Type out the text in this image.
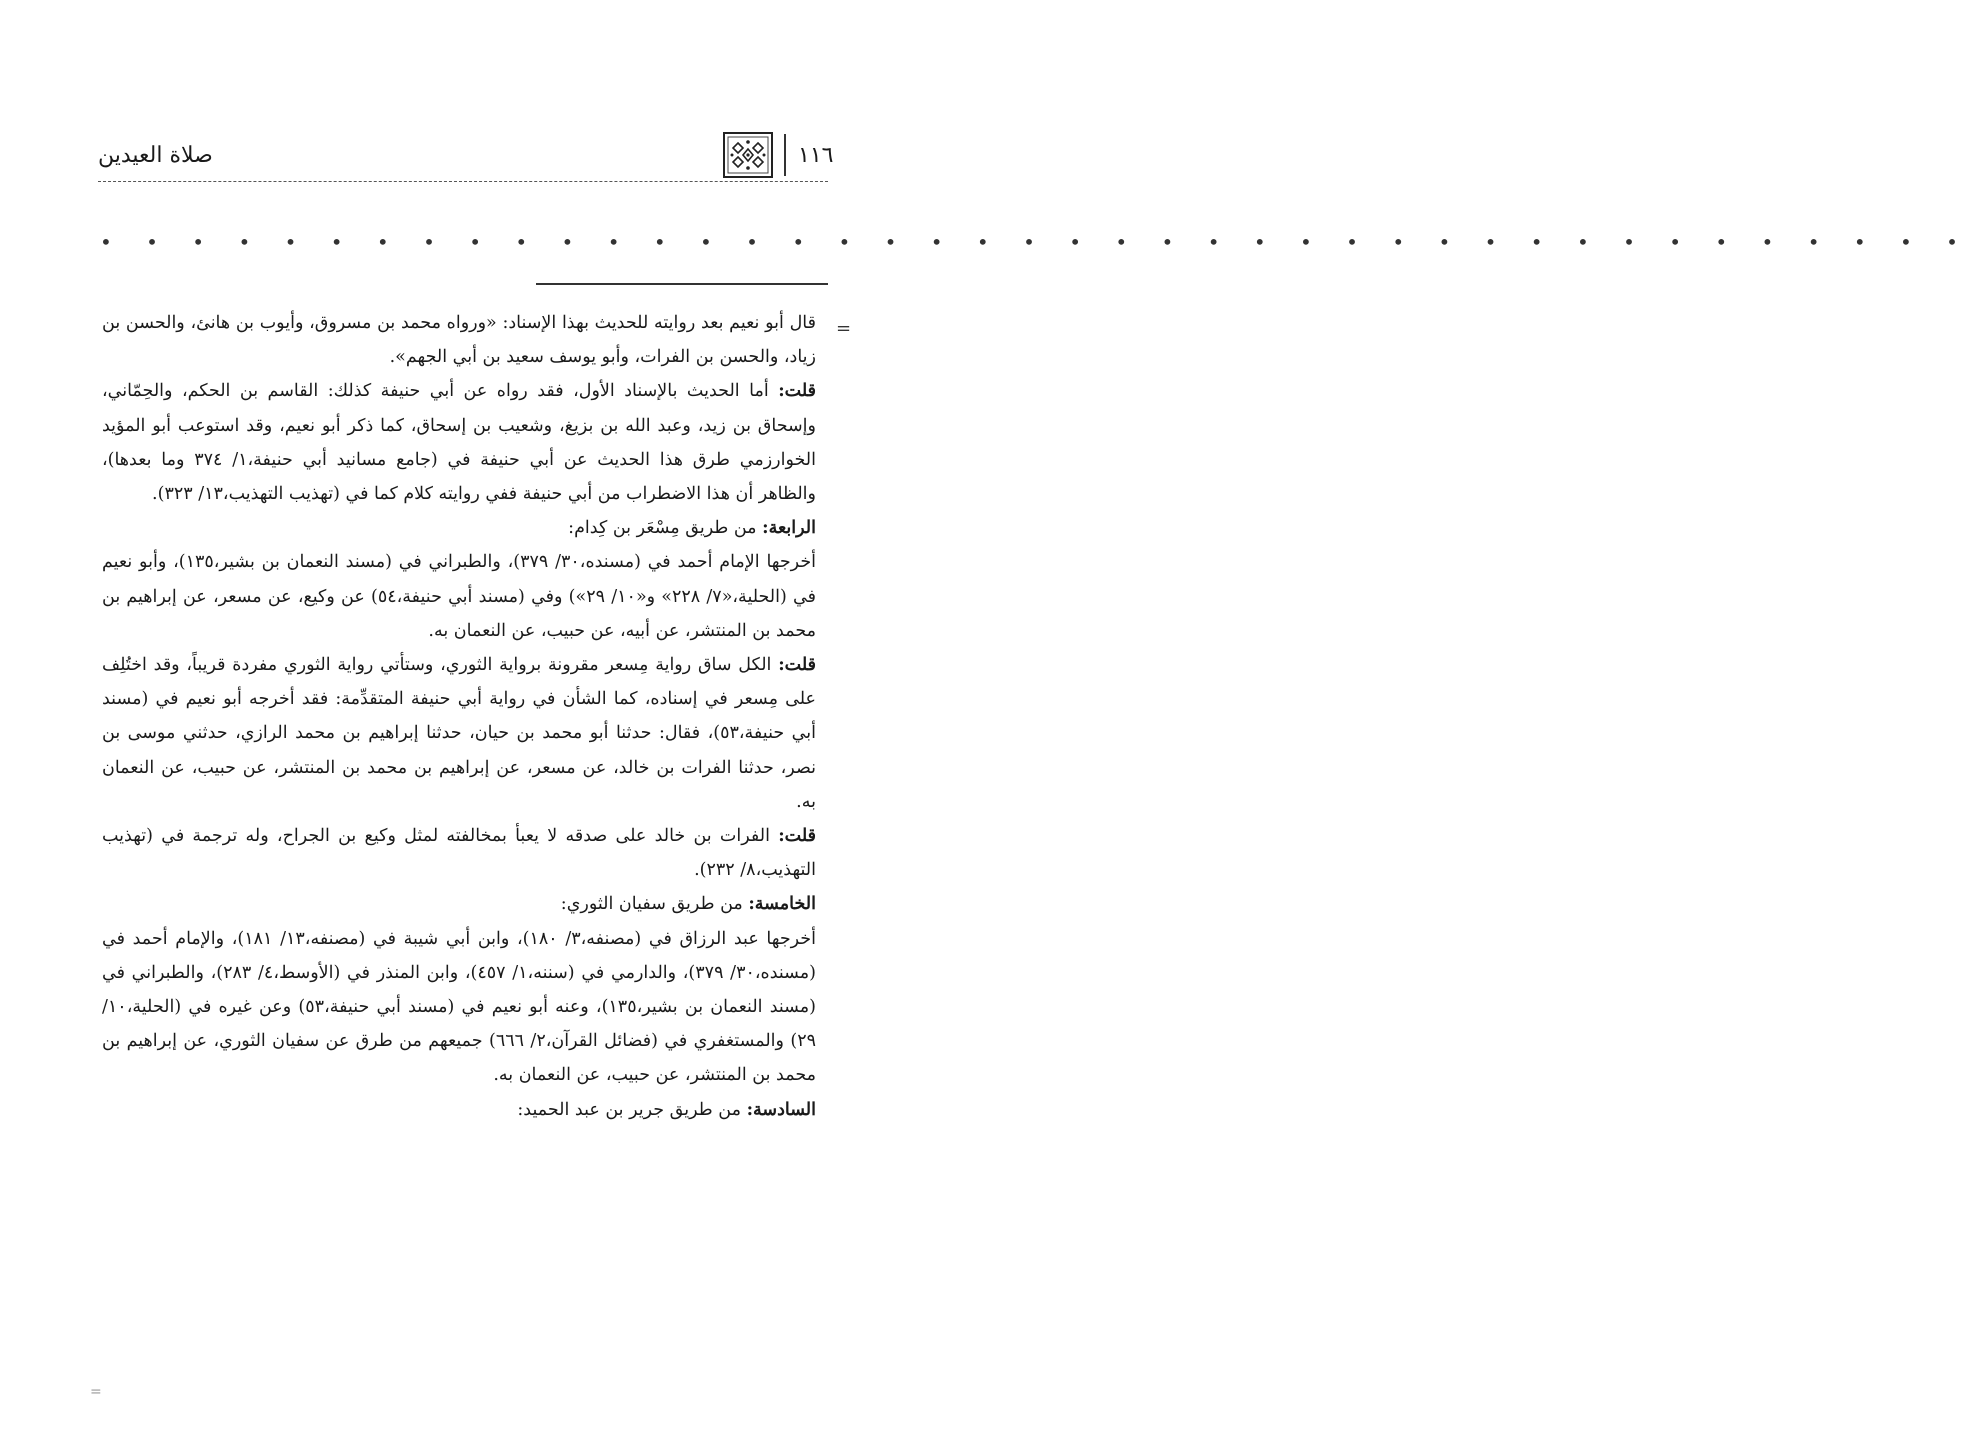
صلاة العيدين	١١٦
• • • • • • • • • • • • • • • • • • • • • • • • • • • • • • • • • • • • • • • • •
=
=

قال أبو نعيم بعد روايته للحديث بهذا الإسناد: «ورواه محمد بن مسروق، وأيوب بن هانئ، والحسن بن زياد، والحسن بن الفرات، وأبو يوسف سعيد بن أبي الجهم».

قلت: أما الحديث بالإسناد الأول، فقد رواه عن أبي حنيفة كذلك: القاسم بن الحكم، والحِمّاني، وإسحاق بن زيد، وعبد الله بن بزيغ، وشعيب بن إسحاق، كما ذكر أبو نعيم، وقد استوعب أبو المؤيد الخوارزمي طرق هذا الحديث عن أبي حنيفة في (جامع مسانيد أبي حنيفة،١/ ٣٧٤ وما بعدها)، والظاهر أن هذا الاضطراب من أبي حنيفة ففي روايته كلام كما في (تهذيب التهذيب،١٣/ ٣٢٣).

الرابعة: من طريق مِسْعَر بن كِدام:

أخرجها الإمام أحمد في (مسنده،٣٠/ ٣٧٩)، والطبراني في (مسند النعمان بن بشير،١٣٥)، وأبو نعيم في (الحلية،«٧/ ٢٢٨» و«١٠/ ٢٩») وفي (مسند أبي حنيفة،٥٤) عن وكيع، عن مسعر، عن إبراهيم بن محمد بن المنتشر، عن أبيه، عن حبيب، عن النعمان به.

قلت: الكل ساق رواية مِسعر مقرونة برواية الثوري، وستأتي رواية الثوري مفردة قريباً، وقد اختُلِف على مِسعر في إسناده، كما الشأن في رواية أبي حنيفة المتقدِّمة: فقد أخرجه أبو نعيم في (مسند أبي حنيفة،٥٣)، فقال: حدثنا أبو محمد بن حيان، حدثنا إبراهيم بن محمد الرازي، حدثني موسى بن نصر، حدثنا الفرات بن خالد، عن مسعر، عن إبراهيم بن محمد بن المنتشر، عن حبيب، عن النعمان به.

قلت: الفرات بن خالد على صدقه لا يعبأ بمخالفته لمثل وكيع بن الجراح، وله ترجمة في (تهذيب التهذيب،٨/ ٢٣٢).

الخامسة: من طريق سفيان الثوري:

أخرجها عبد الرزاق في (مصنفه،٣/ ١٨٠)، وابن أبي شيبة في (مصنفه،١٣/ ١٨١)، والإمام أحمد في (مسنده،٣٠/ ٣٧٩)، والدارمي في (سننه،١/ ٤٥٧)، وابن المنذر في (الأوسط،٤/ ٢٨٣)، والطبراني في (مسند النعمان بن بشير،١٣٥)، وعنه أبو نعيم في (مسند أبي حنيفة،٥٣) وعن غيره في (الحلية،١٠/ ٢٩) والمستغفري في (فضائل القرآن،٢/ ٦٦٦) جميعهم من طرق عن سفيان الثوري، عن إبراهيم بن محمد بن المنتشر، عن حبيب، عن النعمان به.

السادسة: من طريق جرير بن عبد الحميد:
